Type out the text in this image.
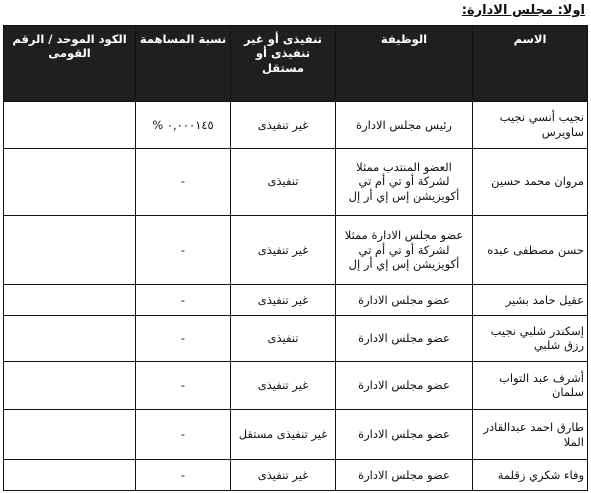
اولا: مجلس الادارة:
الاسم	الوظيفة	تنفيذى أو غير تنفيذى أو مستقل	نسبة المساهمة	الكود الموحد / الرقم القومى
نجيب أنسي نجيب ساويرس	رئيس مجلس الادارة	غير تنفيذى	٠,٠٠٠١٤٥ %	
مروان محمد حسين	العضو المنتدب ممثلا لشركة أو تي أم تي أكويزيشن إس إي أر إل	تنفيذى	-	
حسن مصطفى عبده	عضو مجلس الادارة ممثلا لشركة أو تي أم تي أكويزيشن إس إي أر إل	غير تنفيذى	-	
عقيل حامد بشير	عضو مجلس الادارة	غير تنفيذى	-	
إسكندر شلبي نجيب رزق شلبي	عضو مجلس الادارة	تنفيذى	-	
أشرف عبد التواب سلمان	عضو مجلس الادارة	غير تنفيذى	-	
طارق احمد عبدالقادر الملا	عضو مجلس الادارة	غير تنفيذى مستقل	-	
وفاء شكري زقلمة	عضو مجلس الادارة	غير تنفيذى	-	
